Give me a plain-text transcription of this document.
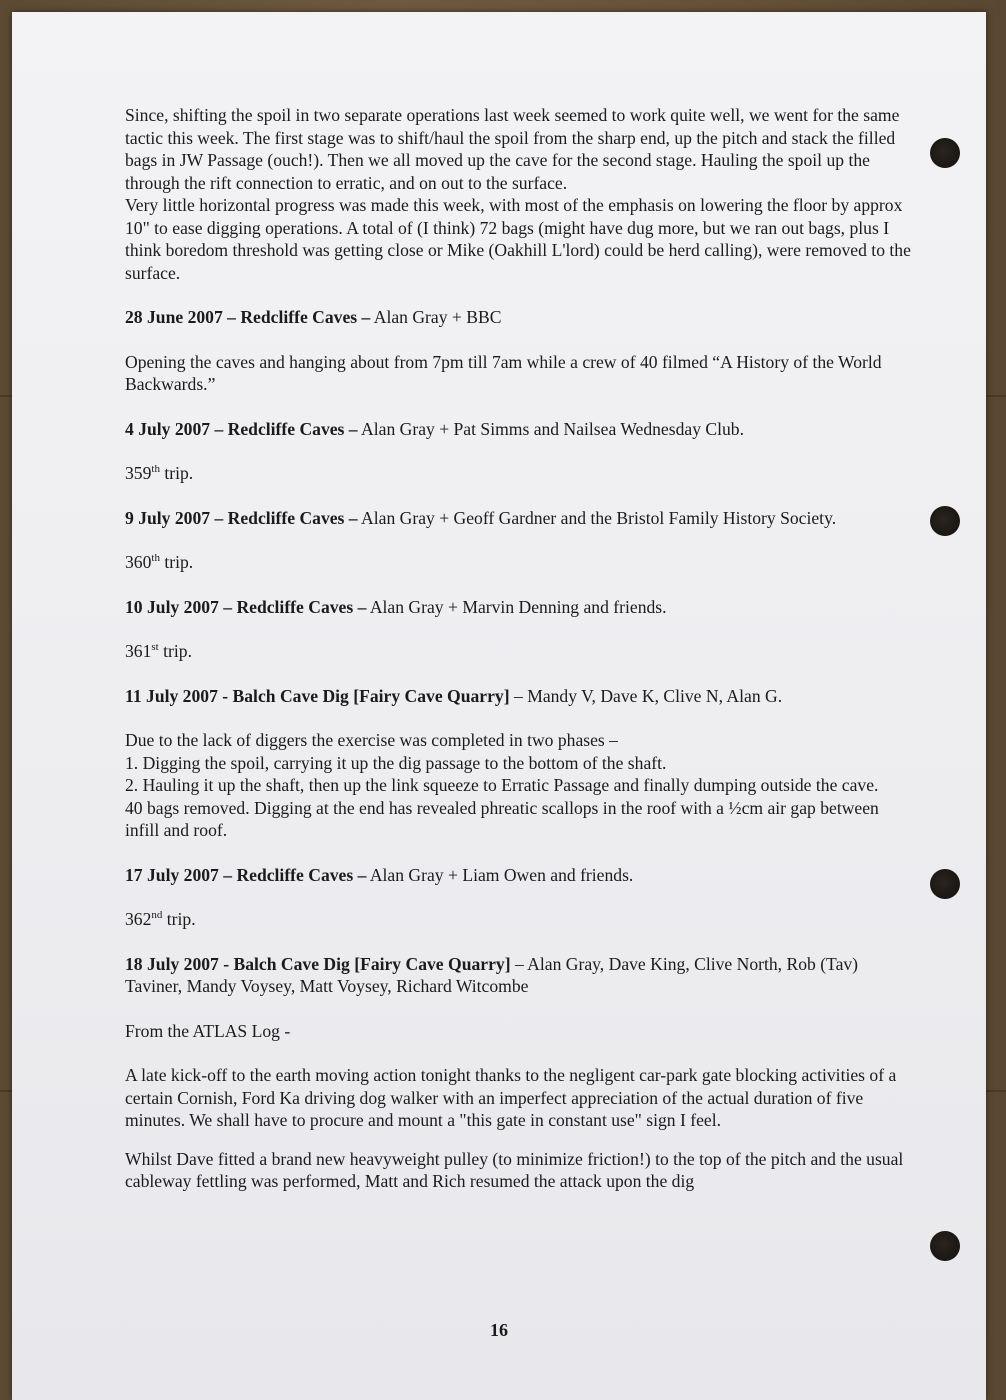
Since, shifting the spoil in two separate operations last week seemed to work quite well, we went for the same tactic this week. The first stage was to shift/haul the spoil from the sharp end, up the pitch and stack the filled bags in JW Passage (ouch!). Then we all moved up the cave for the second stage. Hauling the spoil up the through the rift connection to erratic, and on out to the surface.

Very little horizontal progress was made this week, with most of the emphasis on lowering the floor by approx 10" to ease digging operations. A total of (I think) 72 bags (might have dug more, but we ran out bags, plus I think boredom threshold was getting close or Mike (Oakhill L'lord) could be herd calling), were removed to the surface.

28 June 2007 – Redcliffe Caves – Alan Gray + BBC

Opening the caves and hanging about from 7pm till 7am while a crew of 40 filmed “A History of the World Backwards.”

4 July 2007 – Redcliffe Caves – Alan Gray + Pat Simms and Nailsea Wednesday Club.

359th trip.

9 July 2007 – Redcliffe Caves – Alan Gray + Geoff Gardner and the Bristol Family History Society.

360th trip.

10 July 2007 – Redcliffe Caves – Alan Gray + Marvin Denning and friends.

361st trip.

11 July 2007 - Balch Cave Dig [Fairy Cave Quarry] – Mandy V, Dave K, Clive N, Alan G.

Due to the lack of diggers the exercise was completed in two phases –

1. Digging the spoil, carrying it up the dig passage to the bottom of the shaft.

2. Hauling it up the shaft, then up the link squeeze to Erratic Passage and finally dumping outside the cave.

40 bags removed. Digging at the end has revealed phreatic scallops in the roof with a ½cm air gap between infill and roof.

17 July 2007 – Redcliffe Caves – Alan Gray + Liam Owen and friends.

362nd trip.

18 July 2007 - Balch Cave Dig [Fairy Cave Quarry] – Alan Gray, Dave King, Clive North, Rob (Tav) Taviner, Mandy Voysey, Matt Voysey, Richard Witcombe

From the ATLAS Log -

A late kick-off to the earth moving action tonight thanks to the negligent car-park gate blocking activities of a certain Cornish, Ford Ka driving dog walker with an imperfect appreciation of the actual duration of five minutes. We shall have to procure and mount a "this gate in constant use" sign I feel.

Whilst Dave fitted a brand new heavyweight pulley (to minimize friction!) to the top of the pitch and the usual cableway fettling was performed, Matt and Rich resumed the attack upon the dig

16
